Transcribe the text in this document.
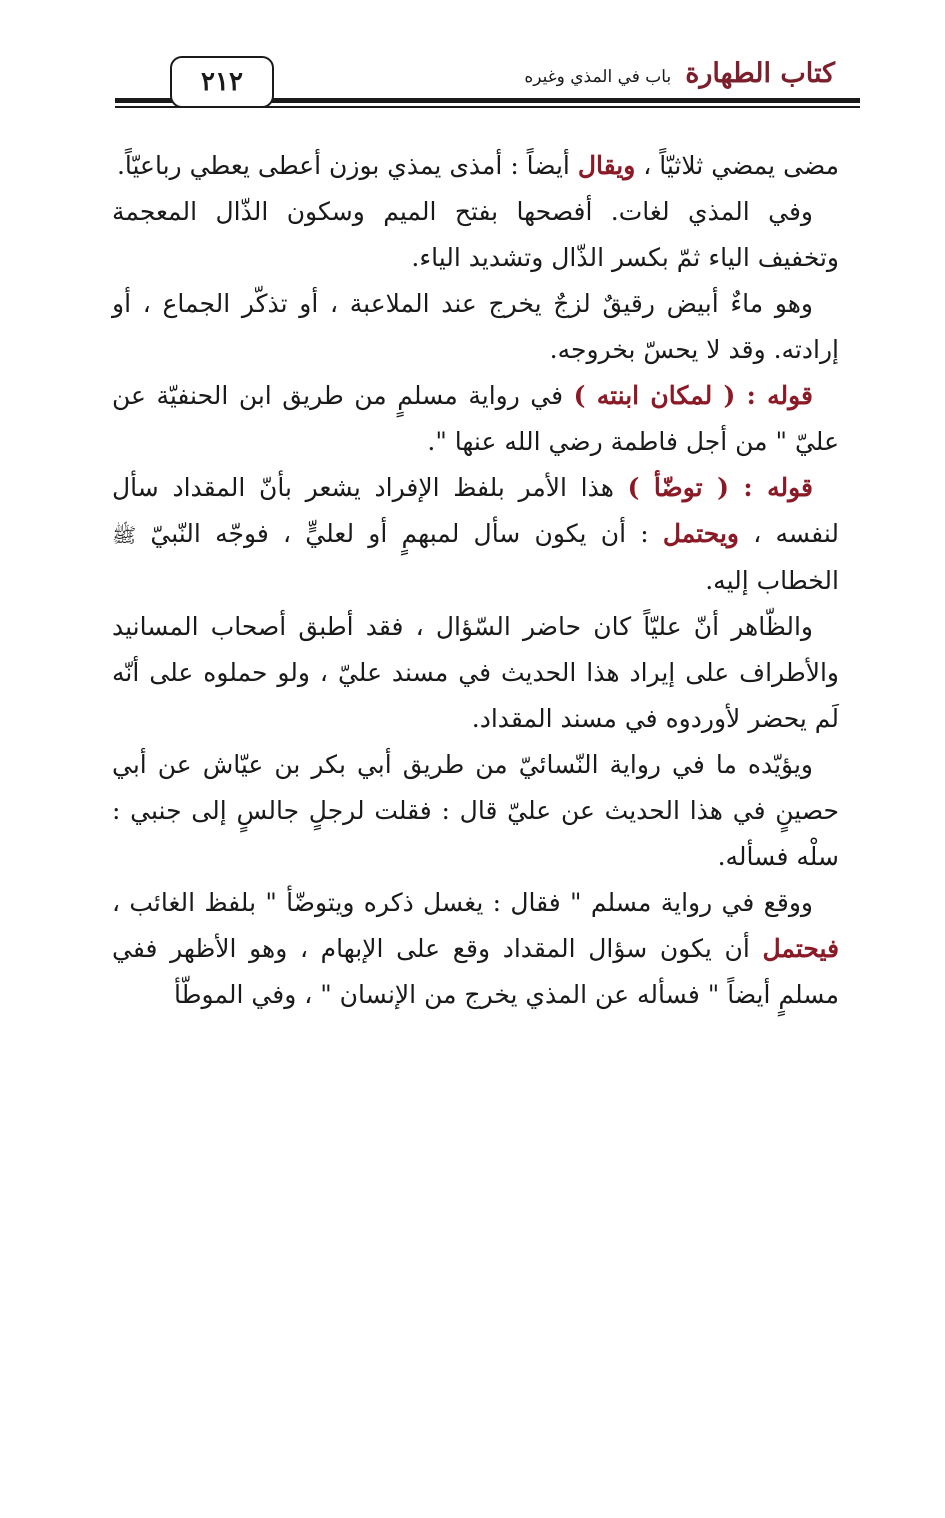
كتاب الطهارة
باب في المذي وغيره
٢١٢

مضى يمضي ثلاثيّاً ، ويقال أيضاً : أمذى يمذي بوزن أعطى يعطي رباعيّاً.

وفي المذي لغات. أفصحها بفتح الميم وسكون الذّال المعجمة وتخفيف الياء ثمّ بكسر الذّال وتشديد الياء.

وهو ماءٌ أبيض رقيقٌ لزجٌ يخرج عند الملاعبة ، أو تذكّر الجماع ، أو إرادته. وقد لا يحسّ بخروجه.

قوله : ( لمكان ابنته ) في رواية مسلمٍ من طريق ابن الحنفيّة عن عليّ " من أجل فاطمة رضي الله عنها ".

قوله : ( توضّأ ) هذا الأمر بلفظ الإفراد يشعر بأنّ المقداد سأل لنفسه ، ويحتمل : أن يكون سأل لمبهمٍ أو لعليٍّ ، فوجّه النّبيّ ﷺ الخطاب إليه.

والظّاهر أنّ عليّاً كان حاضر السّؤال ، فقد أطبق أصحاب المسانيد والأطراف على إيراد هذا الحديث في مسند عليّ ، ولو حملوه على أنّه لَم يحضر لأوردوه في مسند المقداد.

ويؤيّده ما في رواية النّسائيّ من طريق أبي بكر بن عيّاش عن أبي حصينٍ في هذا الحديث عن عليّ قال : فقلت لرجلٍ جالسٍ إلى جنبي : سلْه فسأله.

ووقع في رواية مسلم " فقال : يغسل ذكره ويتوضّأ " بلفظ الغائب ، فيحتمل أن يكون سؤال المقداد وقع على الإبهام ، وهو الأظهر ففي مسلمٍ أيضاً " فسأله عن المذي يخرج من الإنسان " ، وفي الموطّأ
